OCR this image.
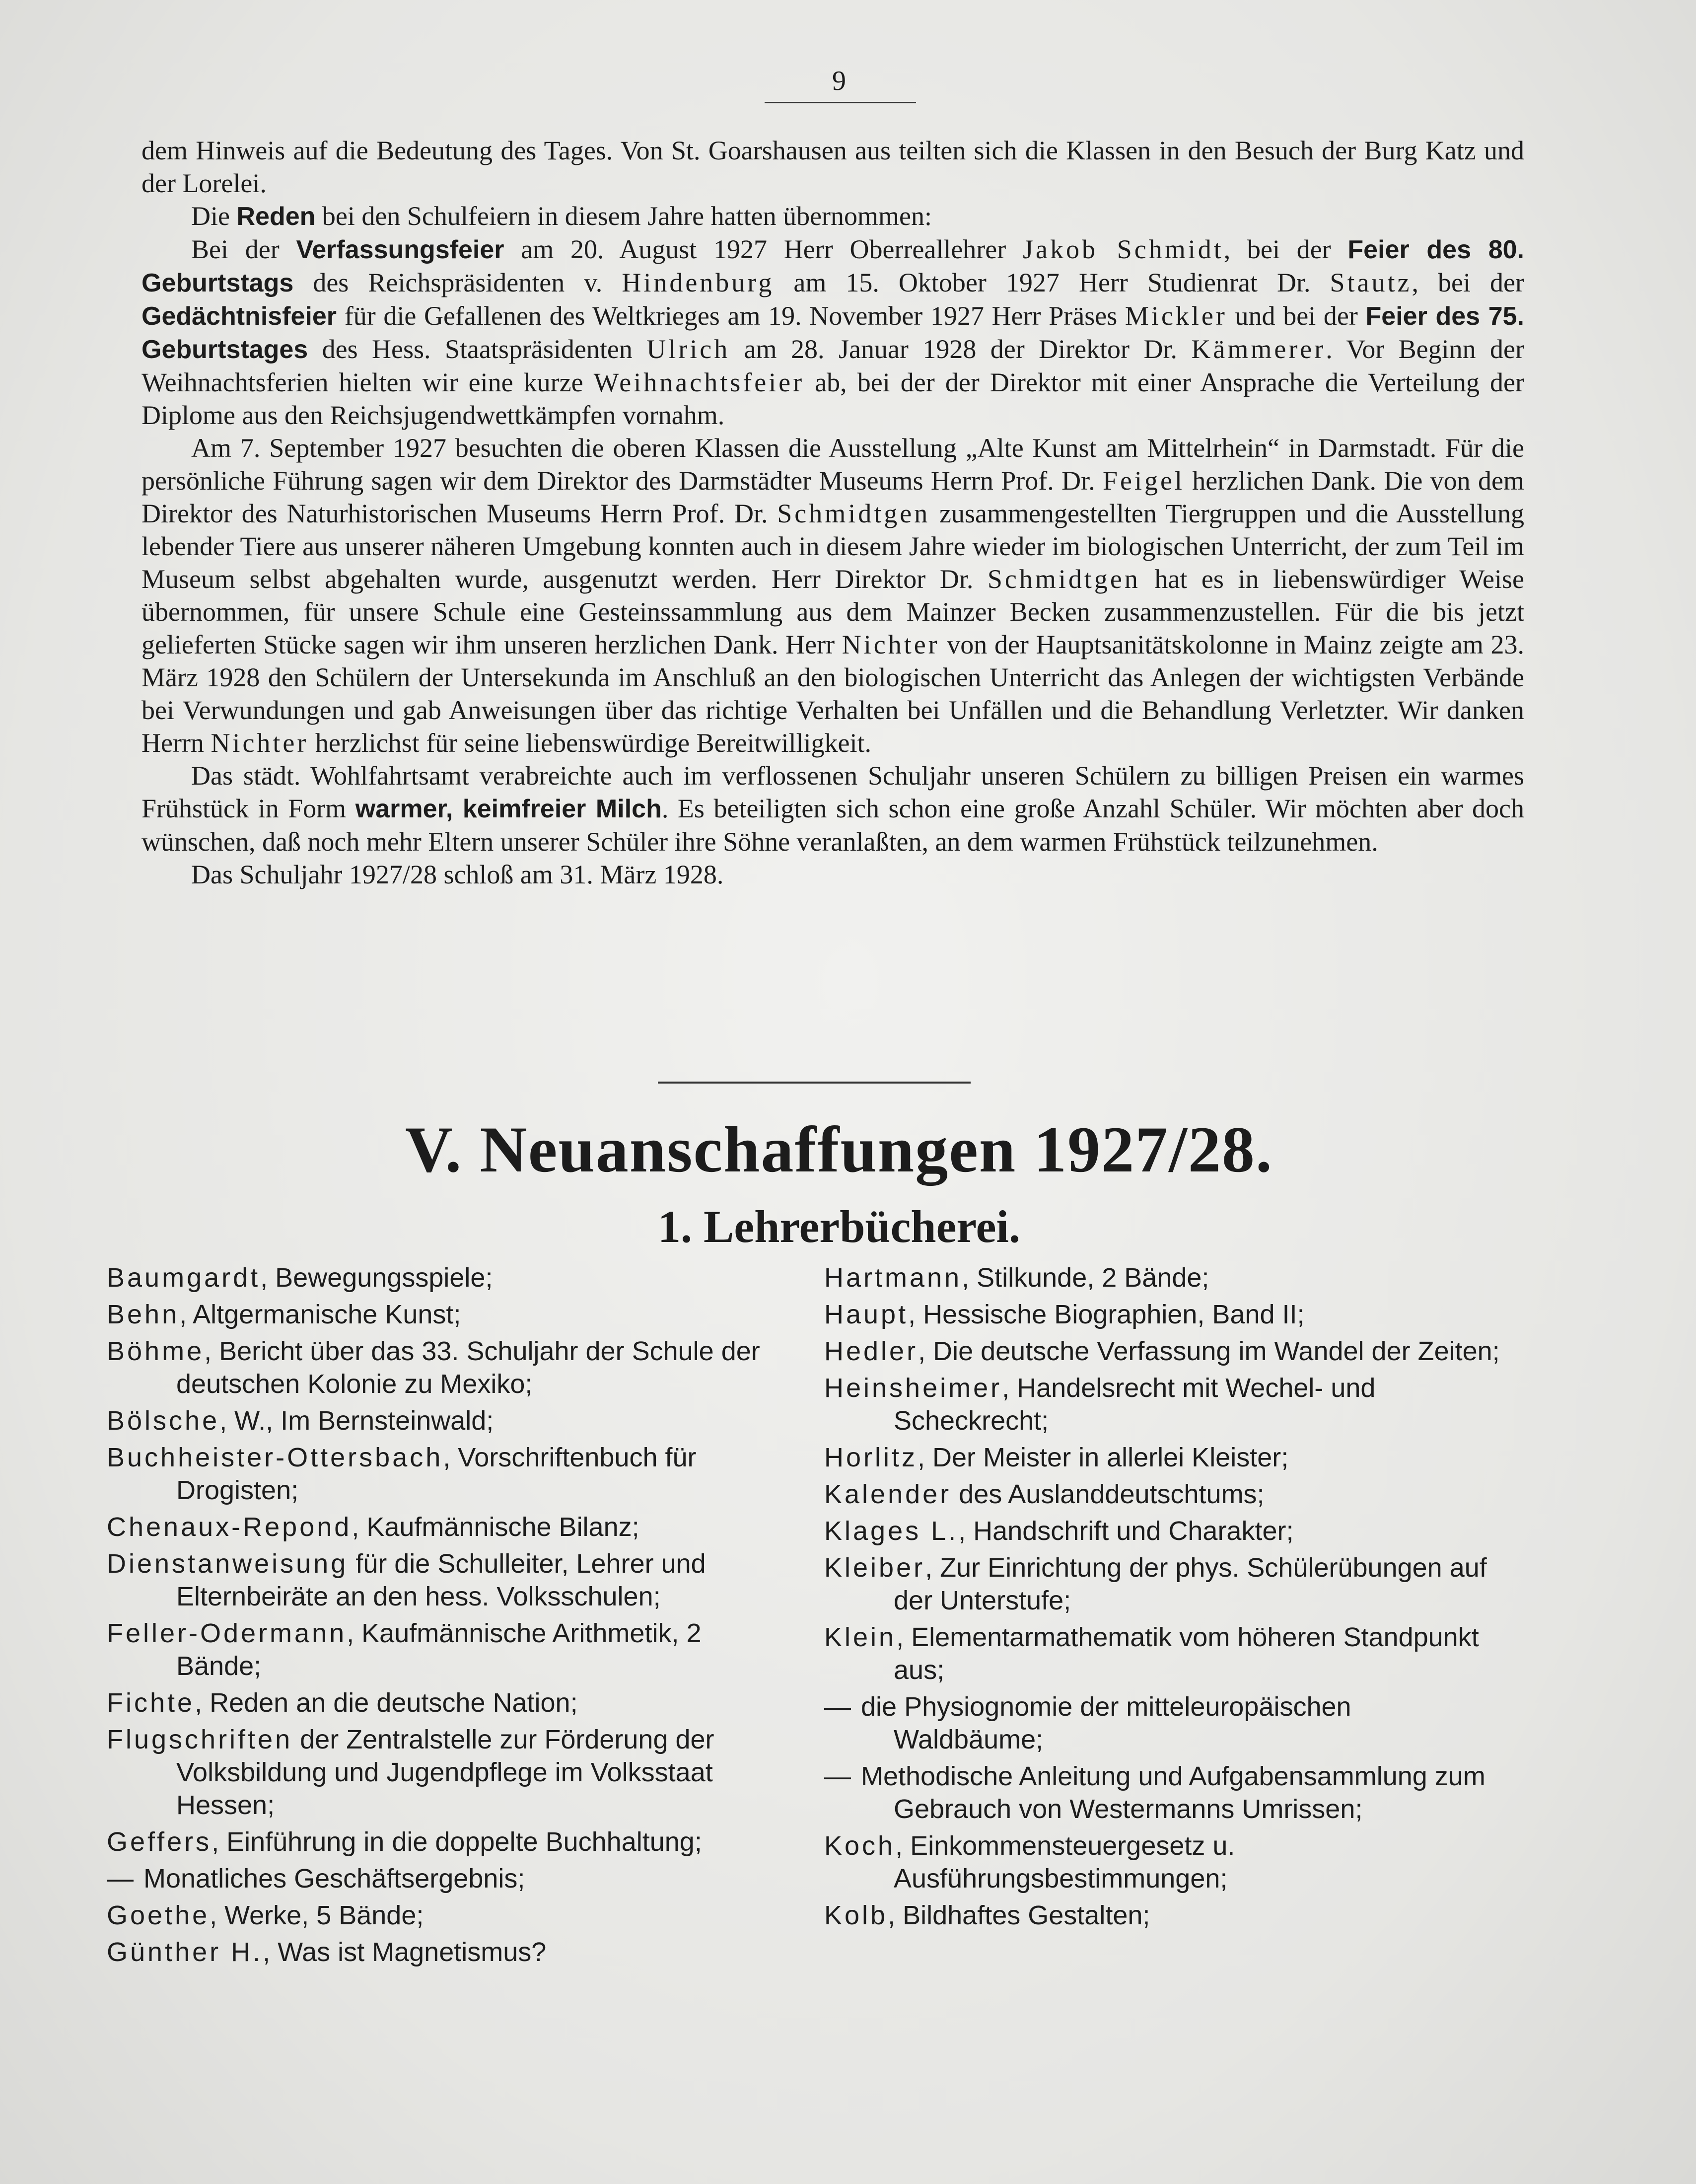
9

dem Hinweis auf die Bedeutung des Tages. Von St. Goarshausen aus teilten sich die Klassen in den Besuch der Burg Katz und der Lorelei.

Die Reden bei den Schulfeiern in diesem Jahre hatten übernommen:

Bei der Verfassungsfeier am 20. August 1927 Herr Oberreallehrer Jakob Schmidt, bei der Feier des 80. Geburtstags des Reichspräsidenten v. Hindenburg am 15. Oktober 1927 Herr Studienrat Dr. Stautz, bei der Gedächtnisfeier für die Gefallenen des Weltkrieges am 19. November 1927 Herr Präses Mickler und bei der Feier des 75. Geburtstages des Hess. Staatspräsidenten Ulrich am 28. Januar 1928 der Direktor Dr. Kämmerer. Vor Beginn der Weihnachtsferien hielten wir eine kurze Weihnachtsfeier ab, bei der der Direktor mit einer Ansprache die Verteilung der Diplome aus den Reichsjugendwettkämpfen vornahm.

Am 7. September 1927 besuchten die oberen Klassen die Ausstellung „Alte Kunst am Mittelrhein“ in Darmstadt. Für die persönliche Führung sagen wir dem Direktor des Darmstädter Museums Herrn Prof. Dr. Feigel herzlichen Dank. Die von dem Direktor des Naturhistorischen Museums Herrn Prof. Dr. Schmidtgen zusammengestellten Tiergruppen und die Ausstellung lebender Tiere aus unserer näheren Umgebung konnten auch in diesem Jahre wieder im biologischen Unterricht, der zum Teil im Museum selbst abgehalten wurde, ausgenutzt werden. Herr Direktor Dr. Schmidtgen hat es in liebenswürdiger Weise übernommen, für unsere Schule eine Gesteinssammlung aus dem Mainzer Becken zusammenzustellen. Für die bis jetzt gelieferten Stücke sagen wir ihm unseren herzlichen Dank. Herr Nichter von der Hauptsanitätskolonne in Mainz zeigte am 23. März 1928 den Schülern der Untersekunda im Anschluß an den biologischen Unterricht das Anlegen der wichtigsten Verbände bei Verwundungen und gab Anweisungen über das richtige Verhalten bei Unfällen und die Behandlung Verletzter. Wir danken Herrn Nichter herzlichst für seine liebenswürdige Bereitwilligkeit.

Das städt. Wohlfahrtsamt verabreichte auch im verflossenen Schuljahr unseren Schülern zu billigen Preisen ein warmes Frühstück in Form warmer, keimfreier Milch. Es beteiligten sich schon eine große Anzahl Schüler. Wir möchten aber doch wünschen, daß noch mehr Eltern unserer Schüler ihre Söhne veranlaßten, an dem warmen Frühstück teilzunehmen.

Das Schuljahr 1927/28 schloß am 31. März 1928.

V. Neuanschaffungen 1927/28.
1. Lehrerbücherei.
Baumgardt, Bewegungsspiele;
Behn, Altgermanische Kunst;
Böhme, Bericht über das 33. Schuljahr der Schule der deutschen Kolonie zu Mexiko;
Bölsche, W., Im Bernsteinwald;
Buchheister-Ottersbach, Vorschriftenbuch für Drogisten;
Chenaux-Repond, Kaufmännische Bilanz;
Dienstanweisung für die Schulleiter, Lehrer und Elternbeiräte an den hess. Volksschulen;
Feller-Odermann, Kaufmännische Arithmetik, 2 Bände;
Fichte, Reden an die deutsche Nation;
Flugschriften der Zentralstelle zur Förderung der Volksbildung und Jugendpflege im Volksstaat Hessen;
Geffers, Einführung in die doppelte Buchhaltung;
— Monatliches Geschäftsergebnis;
Goethe, Werke, 5 Bände;
Günther H., Was ist Magnetismus?
Hartmann, Stilkunde, 2 Bände;
Haupt, Hessische Biographien, Band II;
Hedler, Die deutsche Verfassung im Wandel der Zeiten;
Heinsheimer, Handelsrecht mit Wechel- und Scheckrecht;
Horlitz, Der Meister in allerlei Kleister;
Kalender des Auslanddeutschtums;
Klages L., Handschrift und Charakter;
Kleiber, Zur Einrichtung der phys. Schülerübungen auf der Unterstufe;
Klein, Elementarmathematik vom höheren Standpunkt aus;
— die Physiognomie der mitteleuropäischen Waldbäume;
— Methodische Anleitung und Aufgabensammlung zum Gebrauch von Westermanns Umrissen;
Koch, Einkommensteuergesetz u. Ausführungsbestimmungen;
Kolb, Bildhaftes Gestalten;
